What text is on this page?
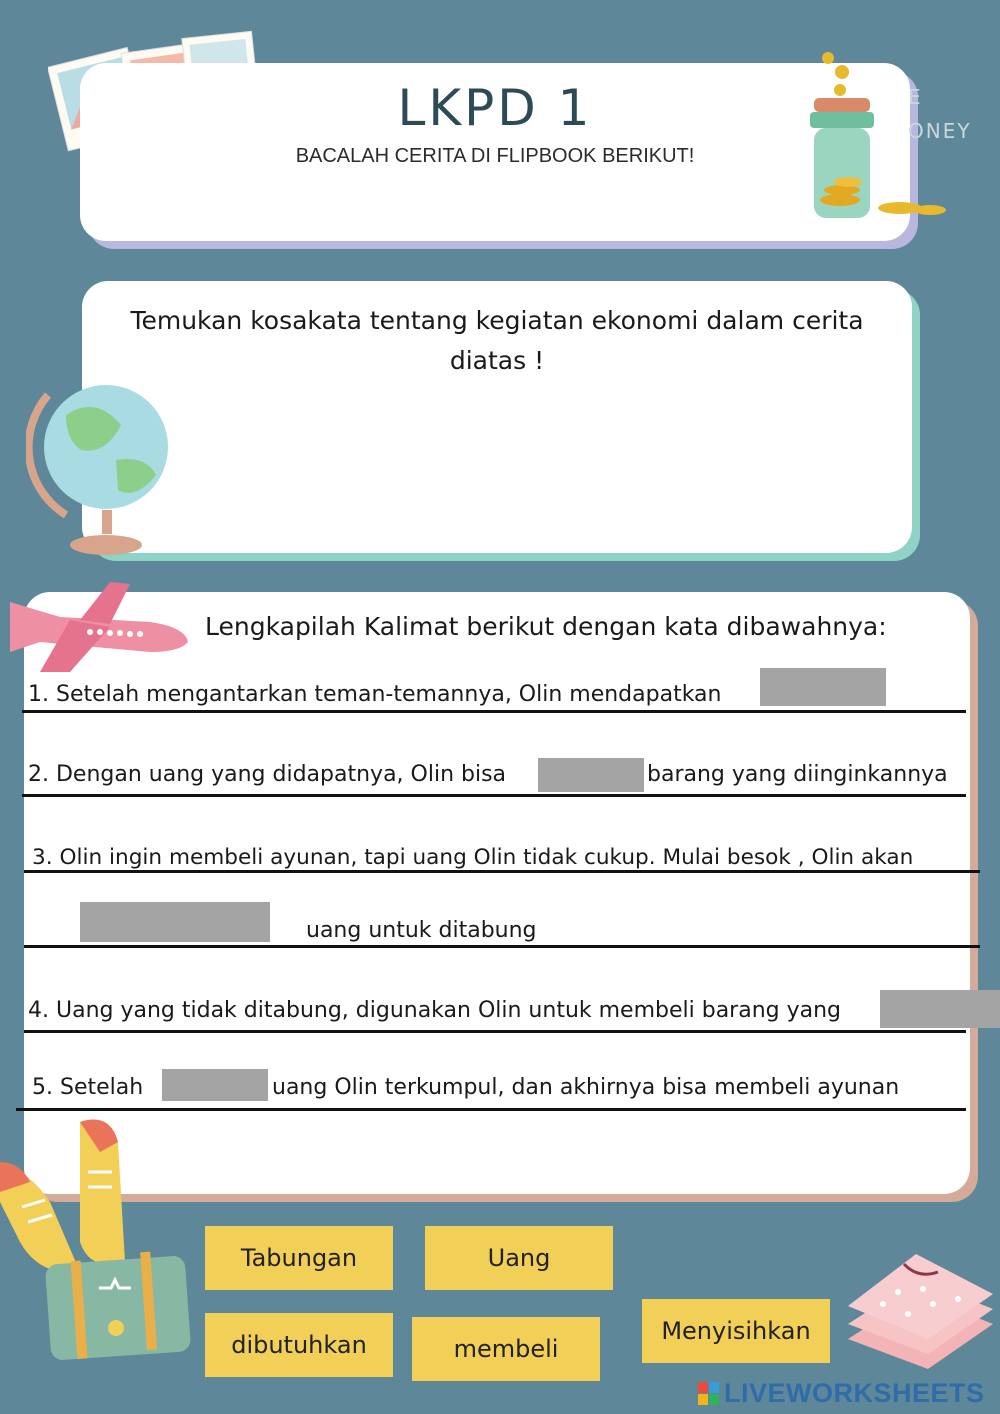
LKPD 1
BACALAH CERITA DI FLIPBOOK BERIKUT!
E
ONEY
Temukan kosakata tentang kegiatan ekonomi dalam cerita diatas !
Lengkapilah Kalimat berikut dengan kata dibawahnya:
1. Setelah mengantarkan teman-temannya, Olin mendapatkan
2. Dengan uang yang didapatnya, Olin bisa	barang yang diinginkannya
3. Olin ingin membeli ayunan, tapi uang Olin tidak cukup. Mulai besok , Olin akan
uang untuk ditabung
4. Uang yang tidak ditabung, digunakan Olin untuk membeli barang yang
5. Setelah	uang Olin terkumpul, dan akhirnya bisa membeli ayunan
Tabungan	Uang
dibutuhkan	membeli
Menyisihkan
LIVEWORKSHEETS
